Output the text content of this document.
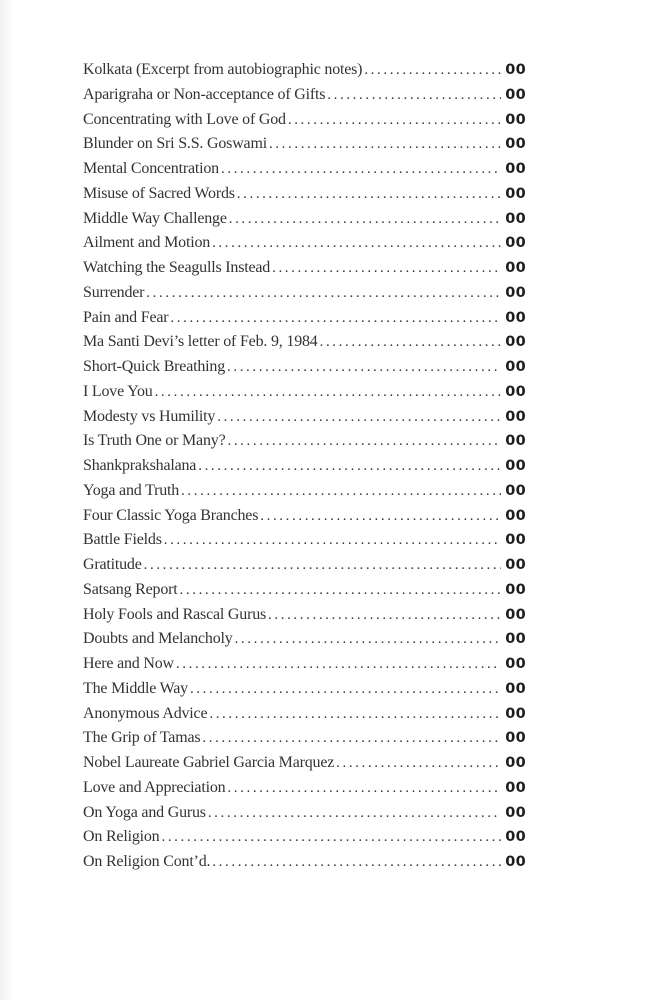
Kolkata (Excerpt from autobiographic notes) .....	00
Aparigraha or Non-acceptance of Gifts .....	00
Concentrating with Love of God .....	00
Blunder on Sri S.S. Goswami .....	00
Mental Concentration .....	00
Misuse of Sacred Words .....	00
Middle Way Challenge .....	00
Ailment and Motion .....	00
Watching the Seagulls Instead .....	00
Surrender .....	00
Pain and Fear .....	00
Ma Santi Devi’s letter of Feb. 9, 1984 .....	00
Short-Quick Breathing .....	00
I Love You .....	00
Modesty vs Humility .....	00
Is Truth One or Many? .....	00
Shankprakshalana .....	00
Yoga and Truth .....	00
Four Classic Yoga Branches .....	00
Battle Fields .....	00
Gratitude .....	00
Satsang Report .....	00
Holy Fools and Rascal Gurus .....	00
Doubts and Melancholy .....	00
Here and Now .....	00
The Middle Way .....	00
Anonymous Advice .....	00
The Grip of Tamas .....	00
Nobel Laureate Gabriel Garcia Marquez .....	00
Love and Appreciation .....	00
On Yoga and Gurus .....	00
On Religion .....	00
On Religion Cont’d. .....	00
